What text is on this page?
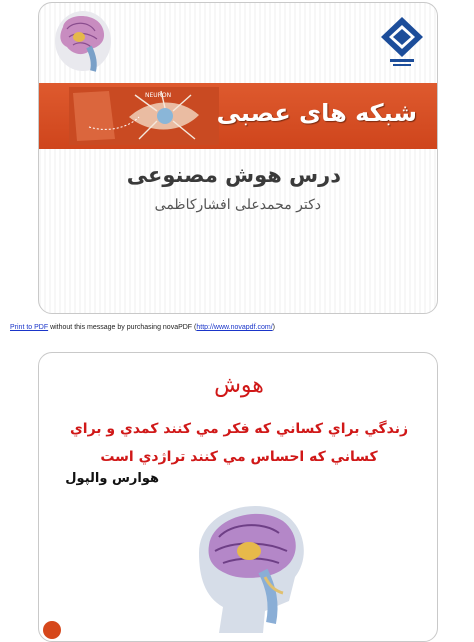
NEURON
شبکه های عصبی
درس هوش مصنوعی
دکتر محمدعلی افشارکاظمی
Print to PDF without this message by purchasing novaPDF (http://www.novapdf.com/)
هوش
زندگي براي كساني كه فكر مي كنند كمدي و براي كساني كه احساس مي كنند تراژدي است
هوارس والپول
